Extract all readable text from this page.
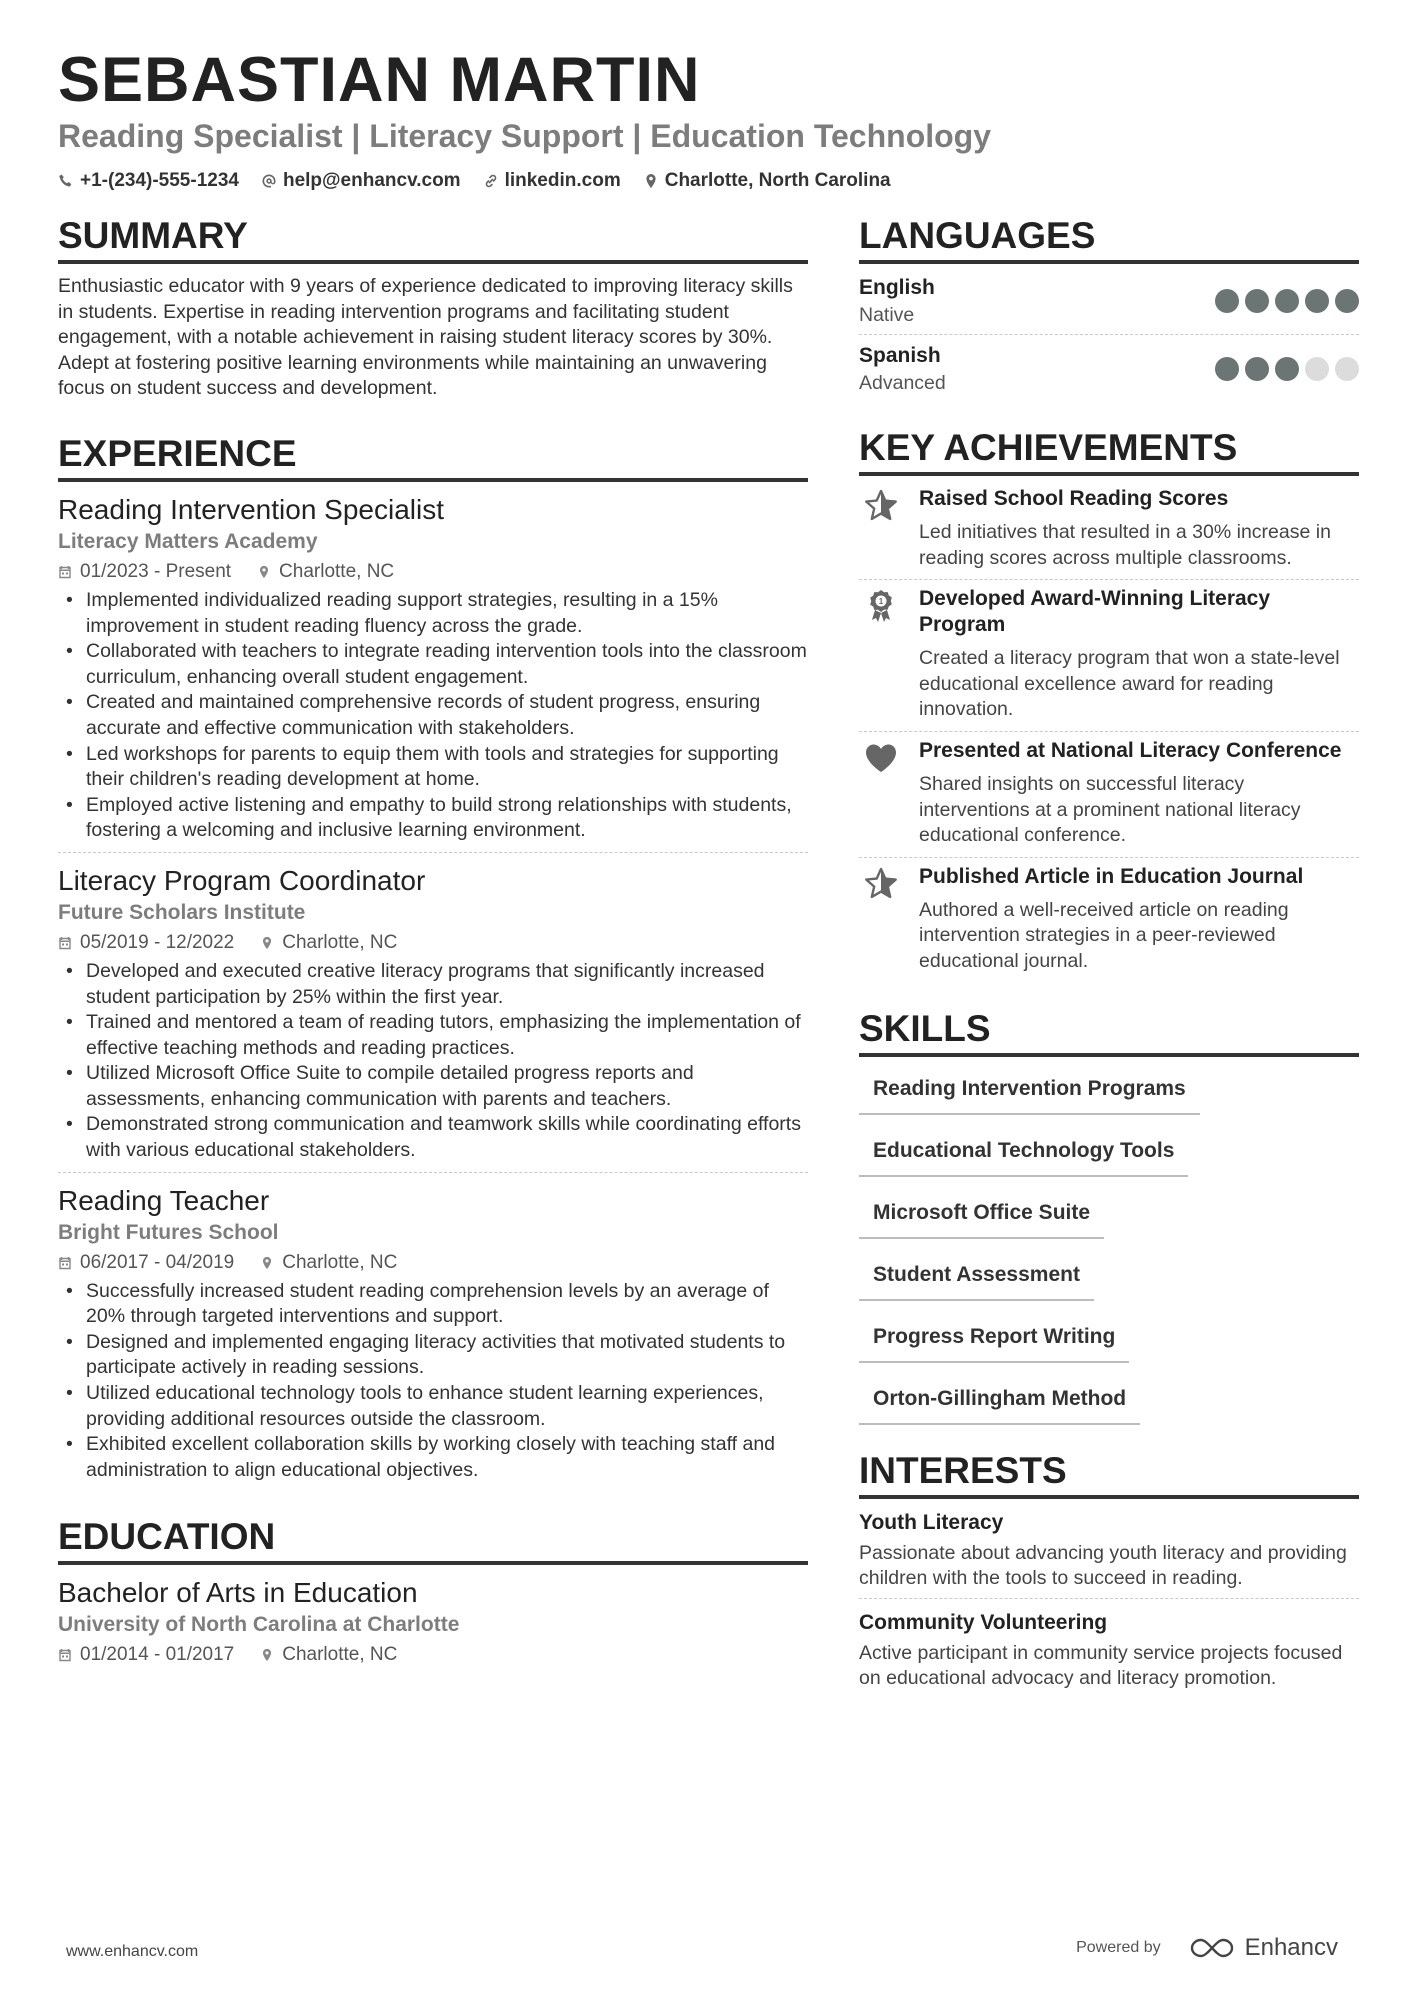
SEBASTIAN MARTIN
Reading Specialist | Literacy Support | Education Technology
+1-(234)-555-1234 help@enhancv.com linkedin.com Charlotte, North Carolina
SUMMARY
Enthusiastic educator with 9 years of experience dedicated to improving literacy skills in students. Expertise in reading intervention programs and facilitating student engagement, with a notable achievement in raising student literacy scores by 30%. Adept at fostering positive learning environments while maintaining an unwavering focus on student success and development.
EXPERIENCE
Reading Intervention Specialist
Literacy Matters Academy
01/2023 - Present	Charlotte, NC
• Implemented individualized reading support strategies, resulting in a 15% improvement in student reading fluency across the grade.
• Collaborated with teachers to integrate reading intervention tools into the classroom curriculum, enhancing overall student engagement.
• Created and maintained comprehensive records of student progress, ensuring accurate and effective communication with stakeholders.
• Led workshops for parents to equip them with tools and strategies for supporting their children's reading development at home.
• Employed active listening and empathy to build strong relationships with students, fostering a welcoming and inclusive learning environment.
Literacy Program Coordinator
Future Scholars Institute
05/2019 - 12/2022	Charlotte, NC
• Developed and executed creative literacy programs that significantly increased student participation by 25% within the first year.
• Trained and mentored a team of reading tutors, emphasizing the implementation of effective teaching methods and reading practices.
• Utilized Microsoft Office Suite to compile detailed progress reports and assessments, enhancing communication with parents and teachers.
• Demonstrated strong communication and teamwork skills while coordinating efforts with various educational stakeholders.
Reading Teacher
Bright Futures School
06/2017 - 04/2019	Charlotte, NC
• Successfully increased student reading comprehension levels by an average of 20% through targeted interventions and support.
• Designed and implemented engaging literacy activities that motivated students to participate actively in reading sessions.
• Utilized educational technology tools to enhance student learning experiences, providing additional resources outside the classroom.
• Exhibited excellent collaboration skills by working closely with teaching staff and administration to align educational objectives.
EDUCATION
Bachelor of Arts in Education
University of North Carolina at Charlotte
01/2014 - 01/2017	Charlotte, NC
LANGUAGES
English
Native
Spanish
Advanced
KEY ACHIEVEMENTS
Raised School Reading Scores
Led initiatives that resulted in a 30% increase in reading scores across multiple classrooms.
1 Developed Award-Winning Literacy Program
Created a literacy program that won a state-level educational excellence award for reading innovation.
Presented at National Literacy Conference
Shared insights on successful literacy interventions at a prominent national literacy educational conference.
Published Article in Education Journal
Authored a well-received article on reading intervention strategies in a peer-reviewed educational journal.
SKILLS
Reading Intervention Programs
Educational Technology Tools
Microsoft Office Suite
Student Assessment
Progress Report Writing
Orton-Gillingham Method
INTERESTS
Youth Literacy
Passionate about advancing youth literacy and providing children with the tools to succeed in reading.
Community Volunteering
Active participant in community service projects focused on educational advocacy and literacy promotion.
www.enhancv.com	Powered by	Enhancv
